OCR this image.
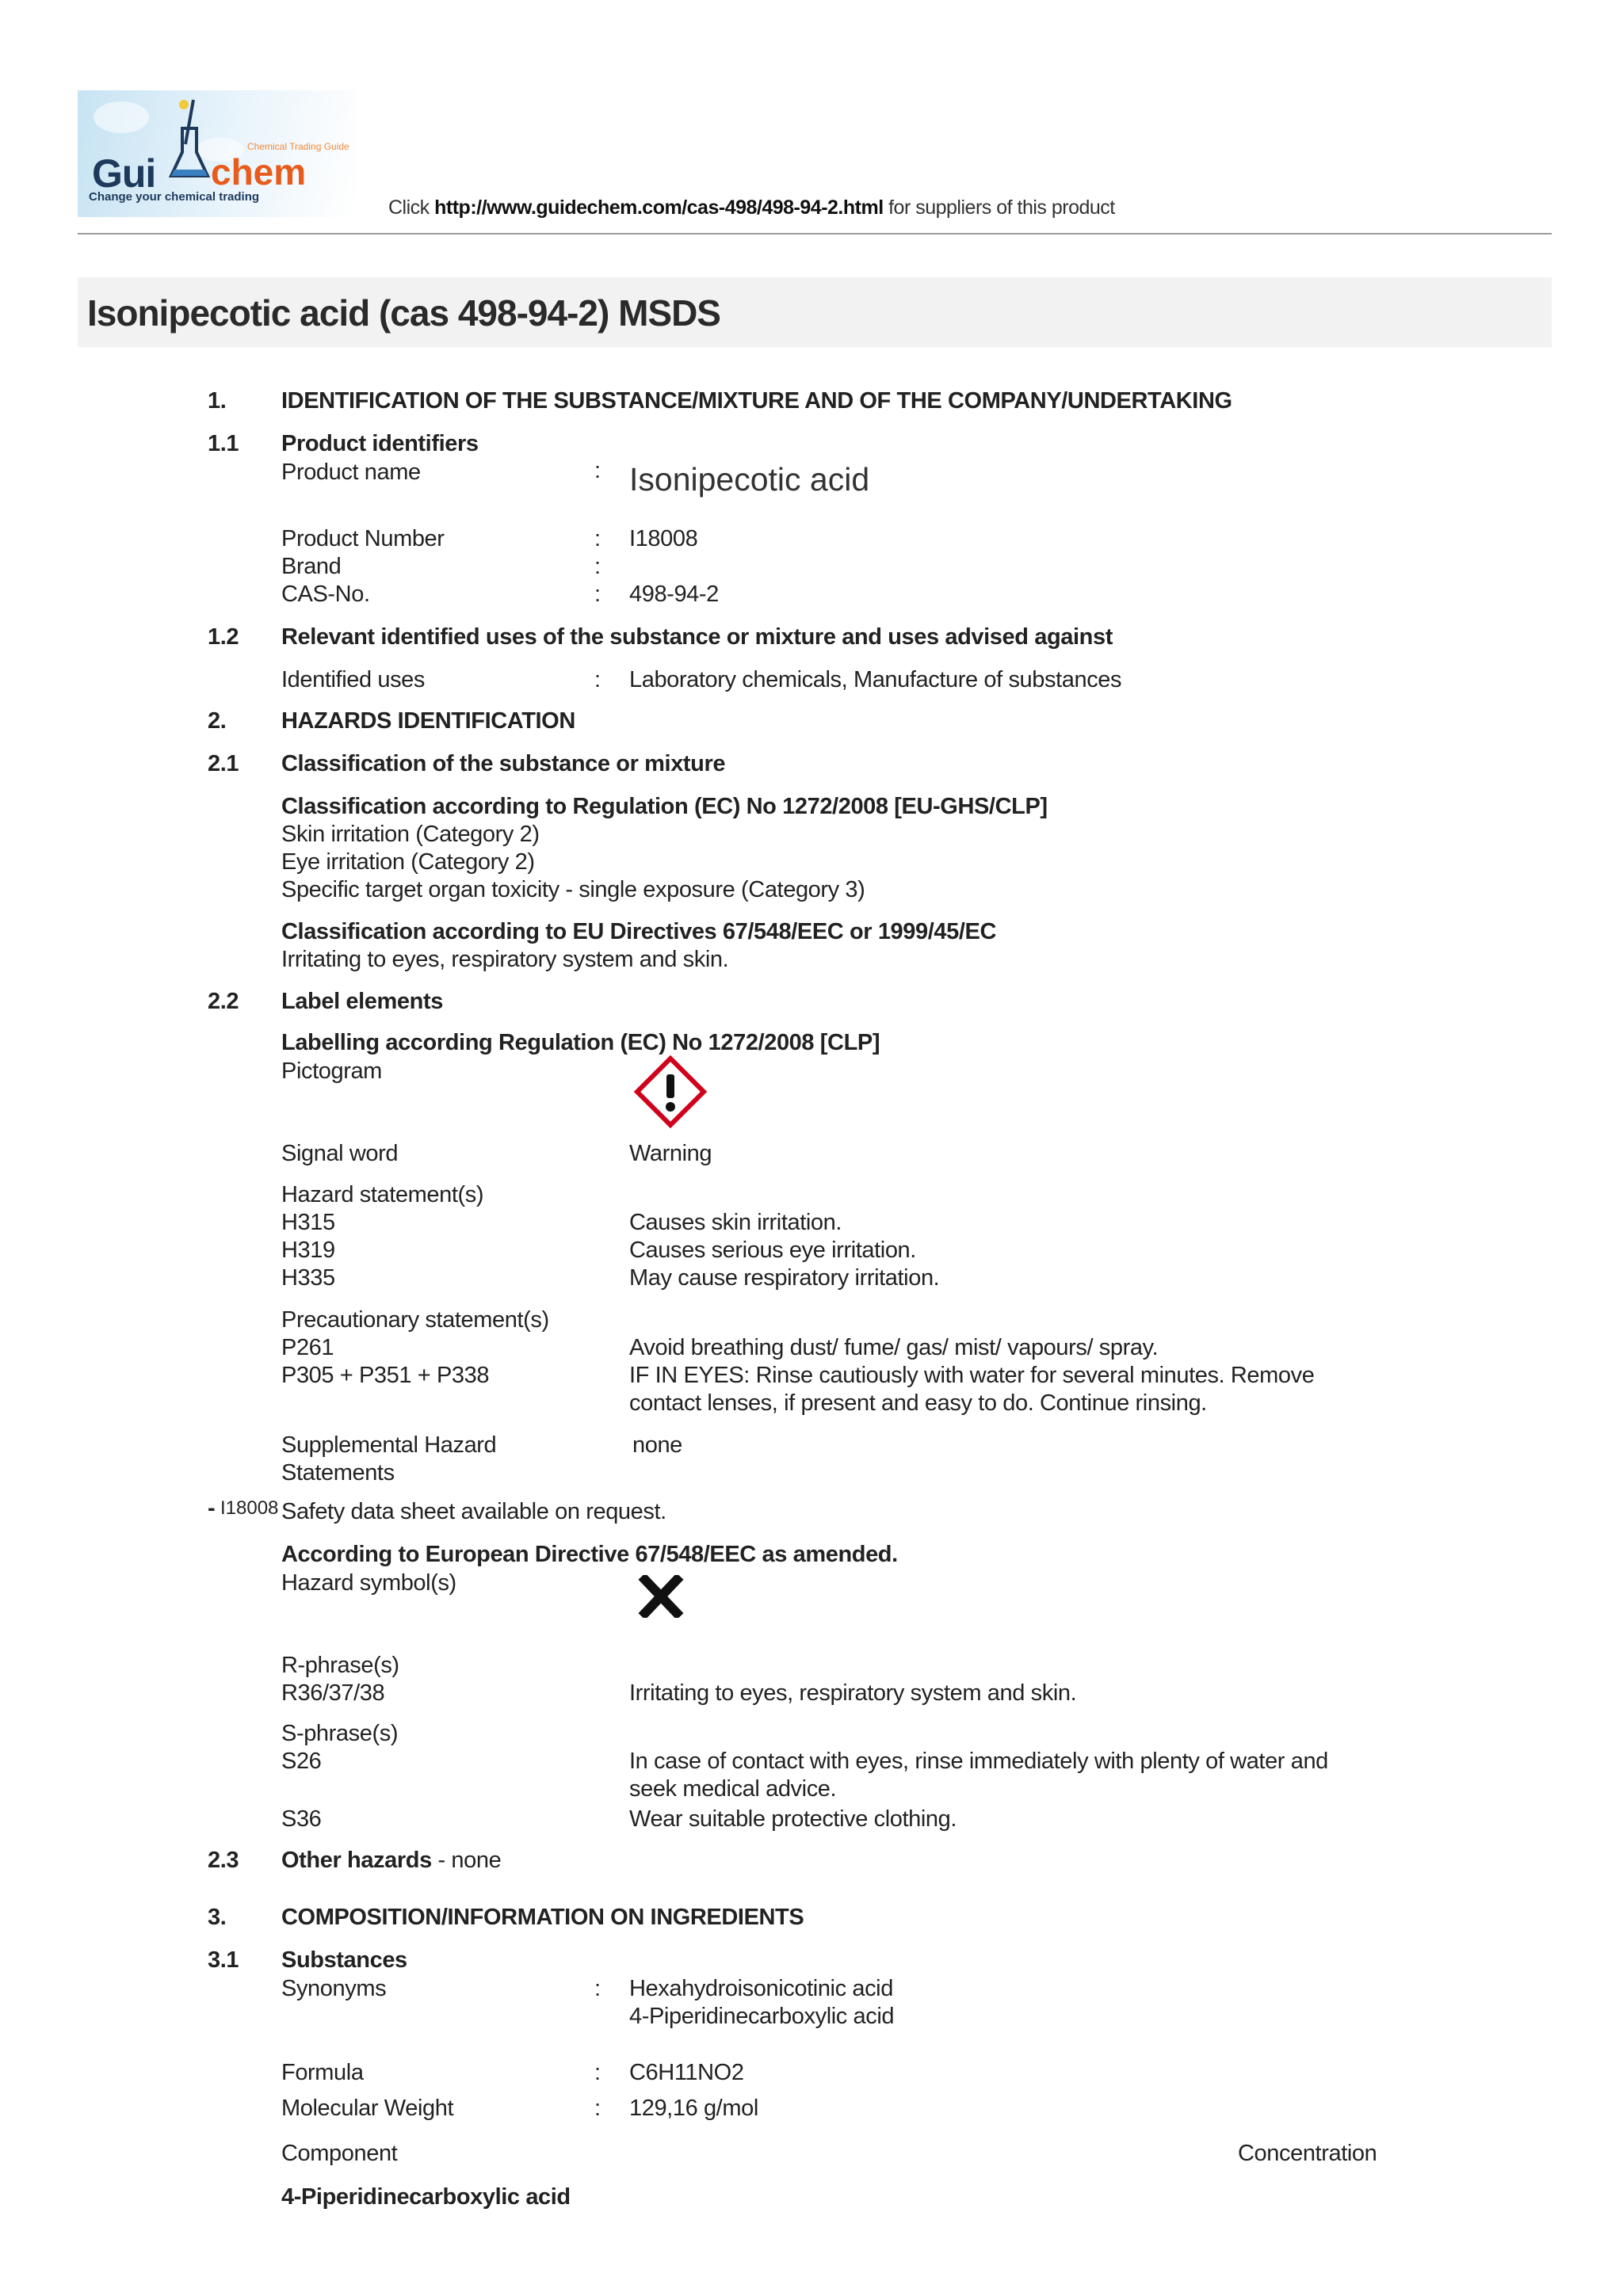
Gui
Chemical Trading Guide
chem
Change your chemical trading	Click http://www.guidechem.com/cas-498/498-94-2.html for suppliers of this product
Isonipecotic acid (cas 498-94-2) MSDS
1. IDENTIFICATION OF THE SUBSTANCE/MIXTURE AND OF THE COMPANY/UNDERTAKING
1.1 Product identifiers
Product name	: Isonipecotic acid
Product Number	: I18008
Brand	:
CAS-No.	: 498-94-2
1.2 Relevant identified uses of the substance or mixture and uses advised against
Identified uses	: Laboratory chemicals, Manufacture of substances
2. HAZARDS IDENTIFICATION
2.1 Classification of the substance or mixture
Classification according to Regulation (EC) No 1272/2008 [EU-GHS/CLP]
Skin irritation (Category 2)
Eye irritation (Category 2)
Specific target organ toxicity - single exposure (Category 3)
Classification according to EU Directives 67/548/EEC or 1999/45/EC
Irritating to eyes, respiratory system and skin.
2.2 Label elements
Labelling according Regulation (EC) No 1272/2008 [CLP]
Pictogram
Signal word	Warning
Hazard statement(s)
H315	Causes skin irritation.
H319	Causes serious eye irritation.
H335	May cause respiratory irritation.
Precautionary statement(s)
P261	Avoid breathing dust/ fume/ gas/ mist/ vapours/ spray.
P305 + P351 + P338	IF IN EYES: Rinse cautiously with water for several minutes. Remove
contact lenses, if present and easy to do. Continue rinsing.
Supplemental Hazard	none
Statements
- I18008 Safety data sheet available on request.
According to European Directive 67/548/EEC as amended.
Hazard symbol(s)
R-phrase(s)
R36/37/38	Irritating to eyes, respiratory system and skin.
S-phrase(s)
S26	In case of contact with eyes, rinse immediately with plenty of water and
seek medical advice.
S36	Wear suitable protective clothing.
2.3 Other hazards - none
3. COMPOSITION/INFORMATION ON INGREDIENTS
3.1 Substances
Synonyms	: Hexahydroisonicotinic acid
4-Piperidinecarboxylic acid
Formula	: C6H11NO2
Molecular Weight	: 129,16 g/mol
Component	Concentration
4-Piperidinecarboxylic acid
